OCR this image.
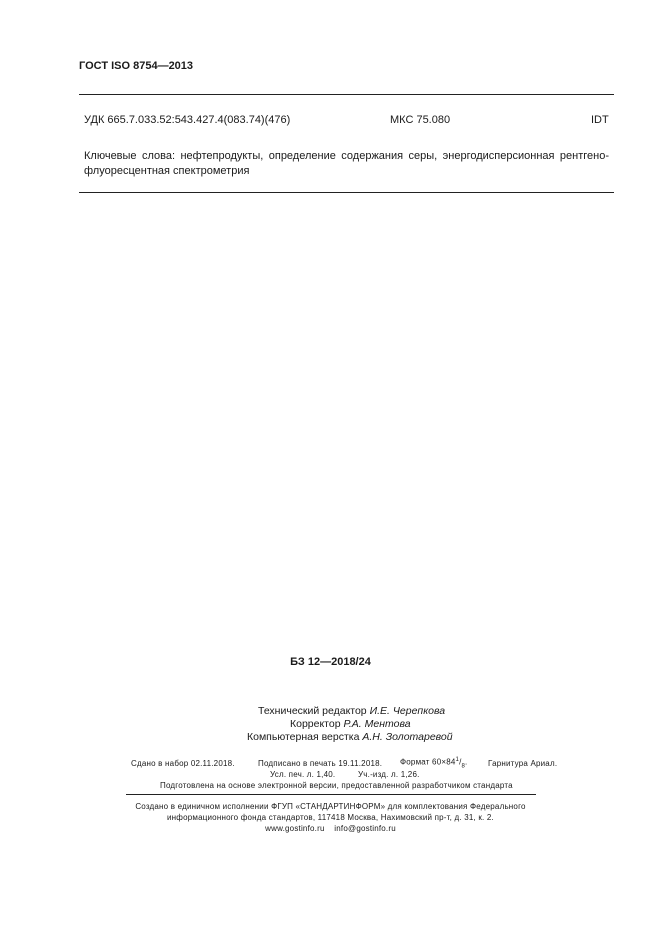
ГОСТ ISO 8754—2013
УДК 665.7.033.52:543.427.4(083.74)(476)	МКС 75.080	IDT
Ключевые слова: нефтепродукты, определение содержания серы, энергодисперсионная рентгено-
флуоресцентная спектрометрия
БЗ 12—2018/24
Технический редактор И.Е. Черепкова
Корректор Р.А. Ментова
Компьютерная верстка А.Н. Золотаревой
Сдано в набор 02.11.2018.	Подписано в печать 19.11.2018. Формат $60\times 84^1/_8$.	Гарнитура Ариал.
Усл. печ. л. 1,40.	Уч.-изд. л. 1,26.
Подготовлена на основе электронной версии, предоставленной разработчиком стандарта
Создано в единичном исполнении ФГУП «СТАНДАРТИНФОРМ» для комплектования Федерального
информационного фонда стандартов, 117418 Москва, Нахимовский пр-т, д. 31, к. 2.
www.gostinfo.ru info@gostinfo.ru
